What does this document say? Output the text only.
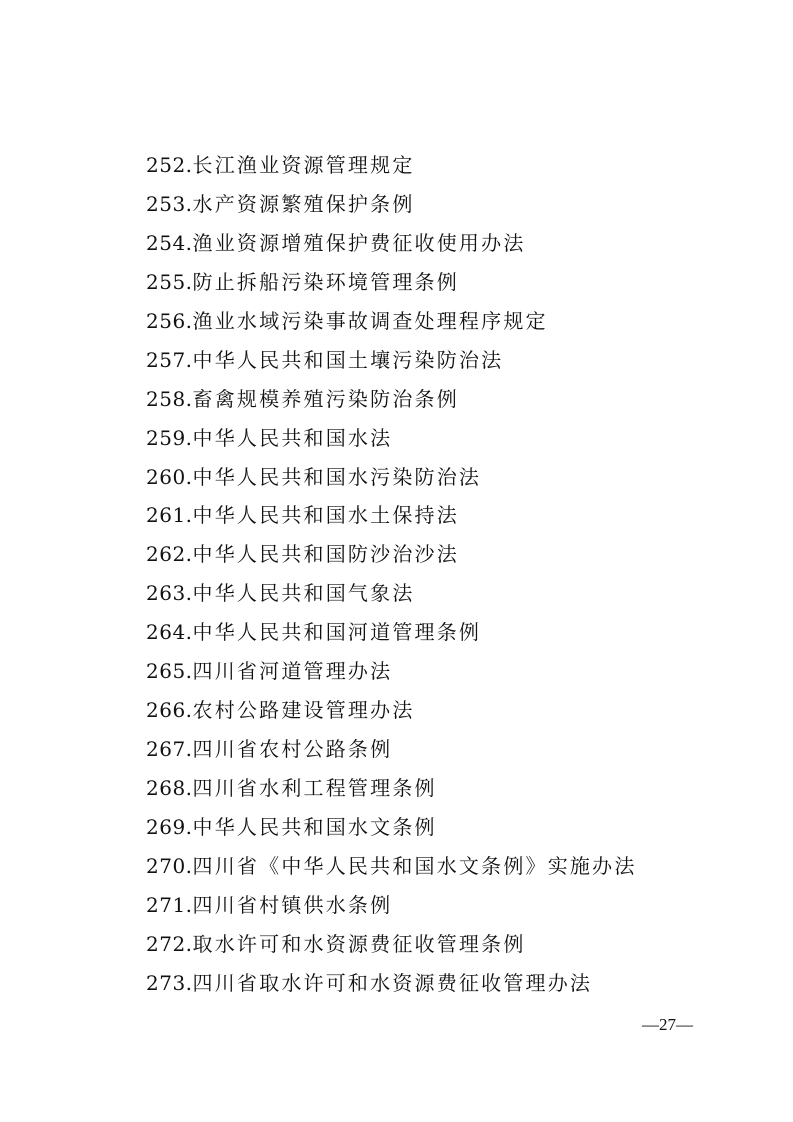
252.长江渔业资源管理规定
253.水产资源繁殖保护条例
254.渔业资源增殖保护费征收使用办法
255.防止拆船污染环境管理条例
256.渔业水域污染事故调查处理程序规定
257.中华人民共和国土壤污染防治法
258.畜禽规模养殖污染防治条例
259.中华人民共和国水法
260.中华人民共和国水污染防治法
261.中华人民共和国水土保持法
262.中华人民共和国防沙治沙法
263.中华人民共和国气象法
264.中华人民共和国河道管理条例
265.四川省河道管理办法
266.农村公路建设管理办法
267.四川省农村公路条例
268.四川省水利工程管理条例
269.中华人民共和国水文条例
270.四川省《中华人民共和国水文条例》实施办法
271.四川省村镇供水条例
272.取水许可和水资源费征收管理条例
273.四川省取水许可和水资源费征收管理办法
—27—
